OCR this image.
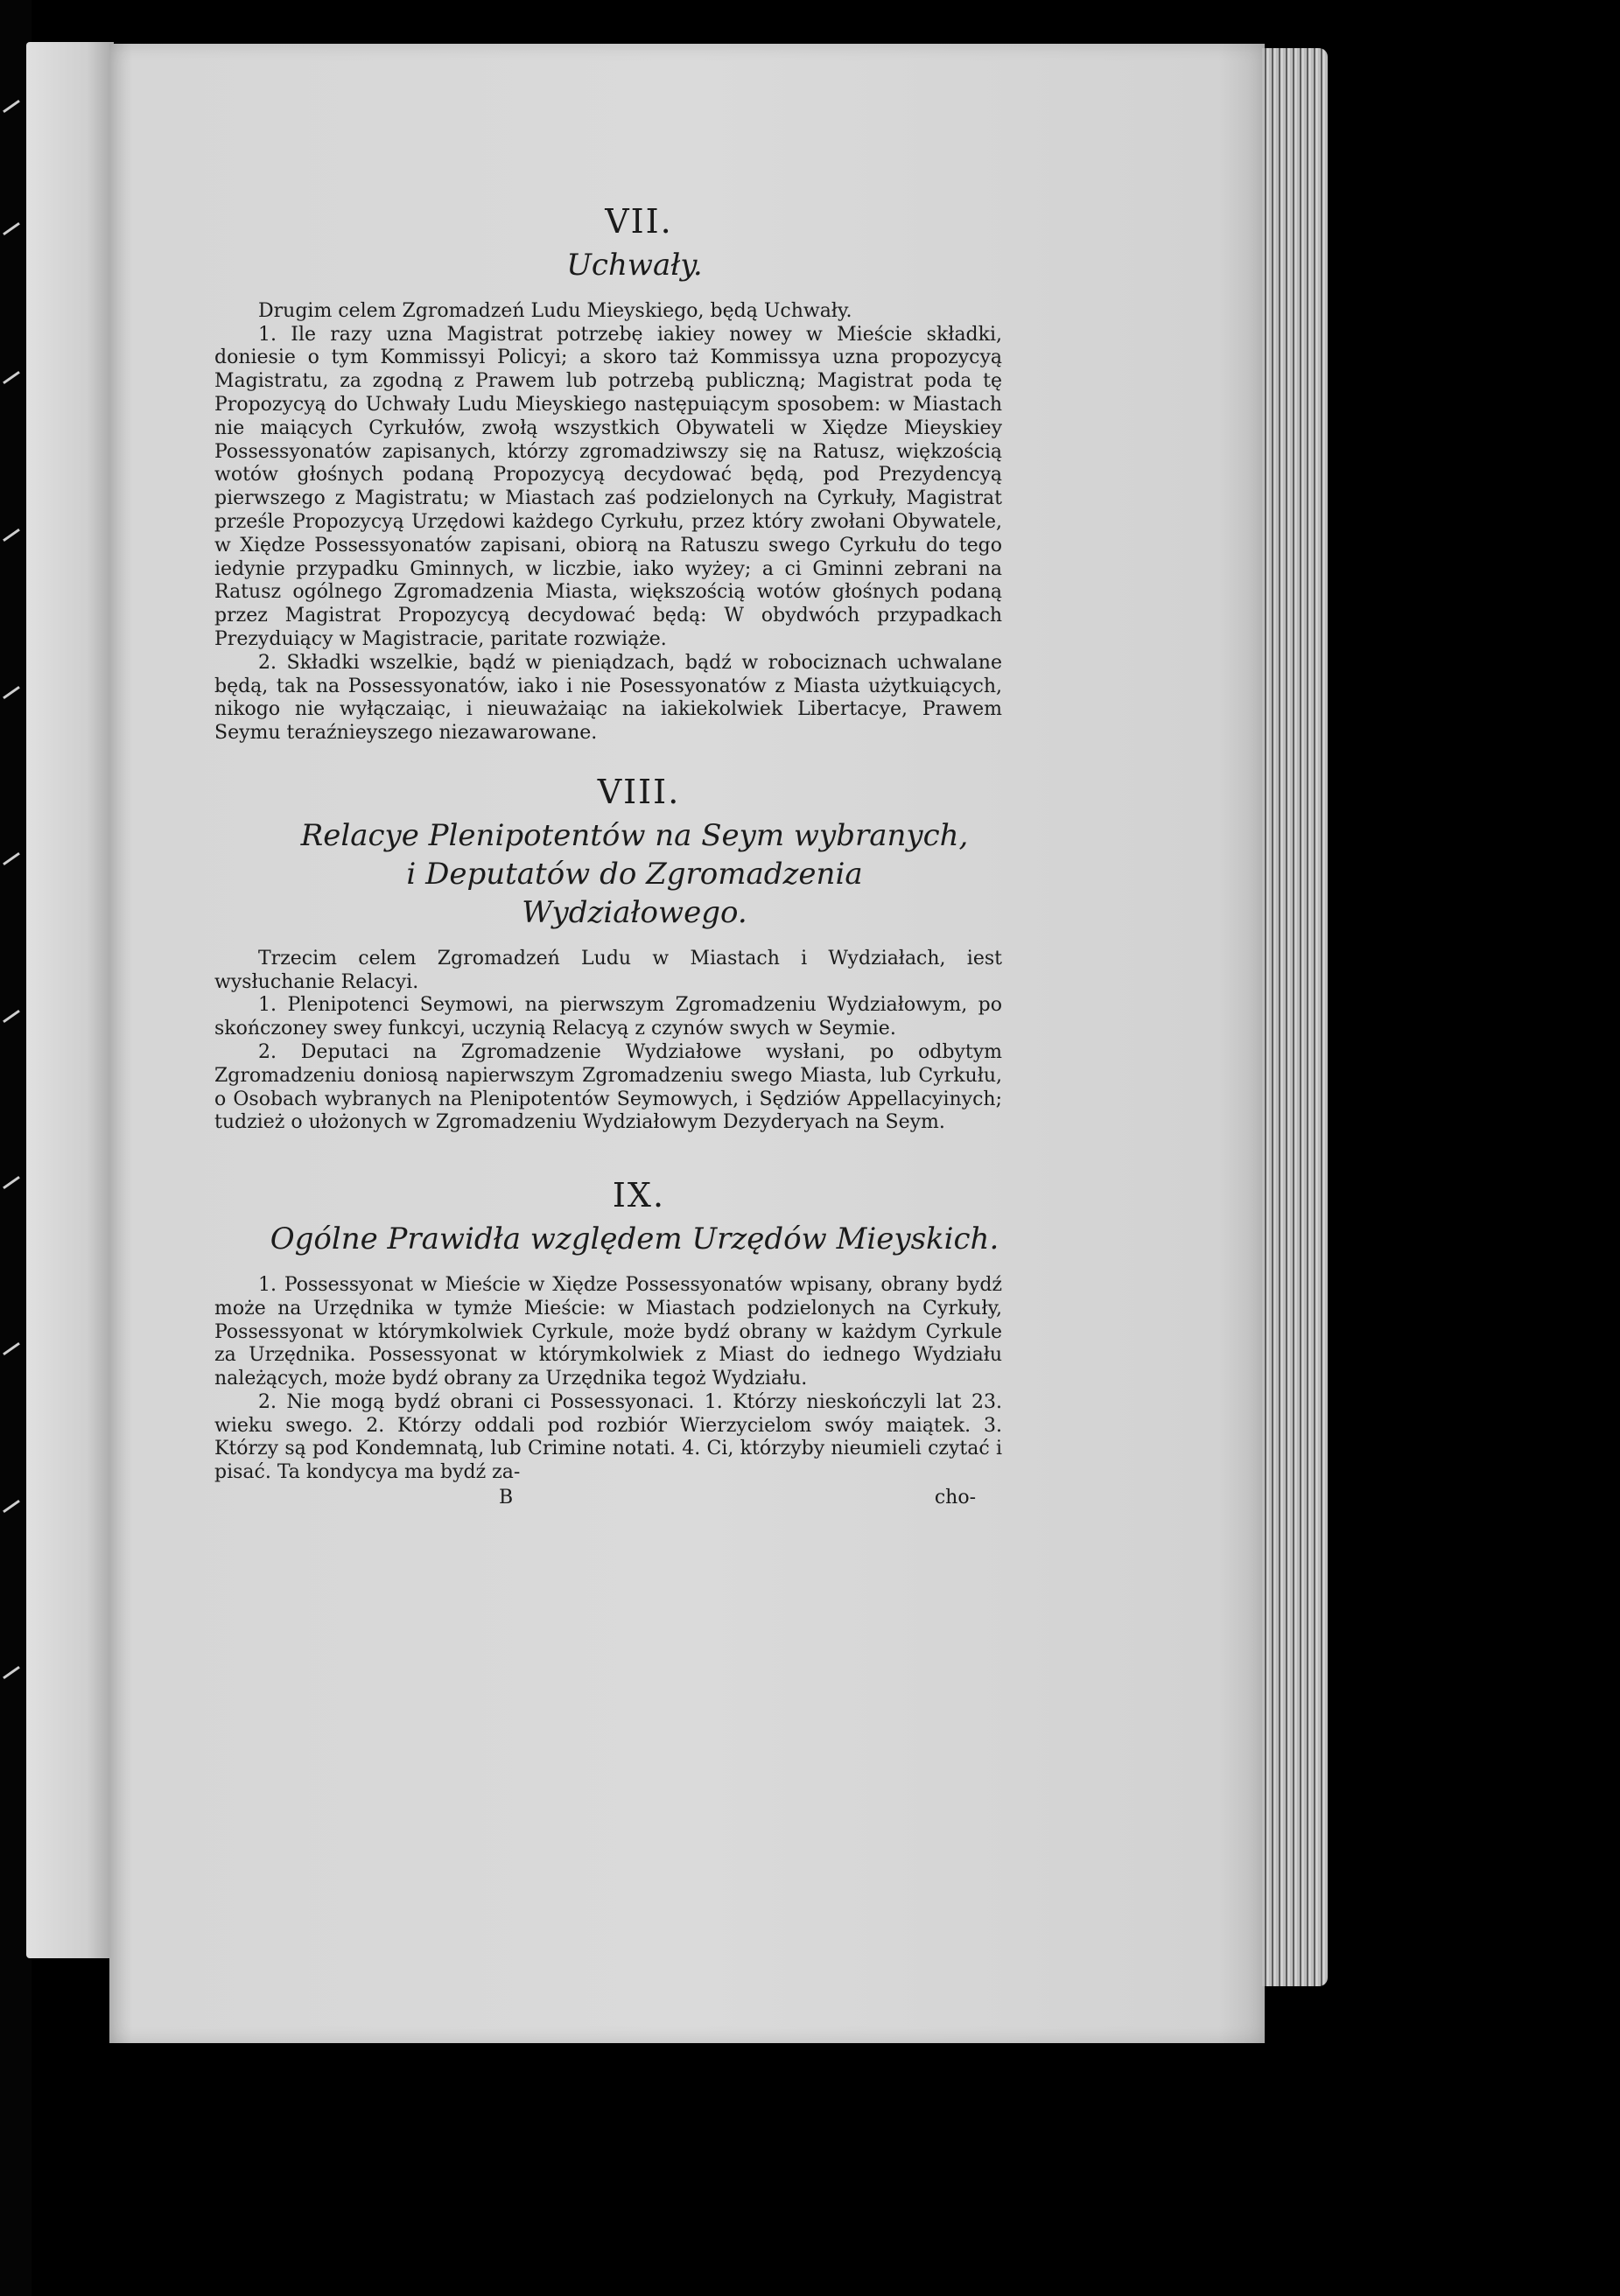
VII.
Uchwały.

Drugim celem Zgromadzeń Ludu Mieyskiego, będą Uchwały.

1. Ile razy uzna Magistrat potrzebę iakiey nowey w Mieście składki, doniesie o tym Kommissyi Policyi; a skoro taż Kommissya uzna propozycyą Magistratu, za zgodną z Prawem lub potrzebą publiczną; Magistrat poda tę Propozycyą do Uchwały Ludu Mieyskiego następuiącym sposobem: w Miastach nie maiących Cyrkułów, zwołą wszystkich Obywateli w Xiędze Mieyskiey Possessyonatów zapisanych, którzy zgromadziwszy się na Ratusz, więkzością wotów głośnych podaną Propozycyą decydować będą, pod Prezydencyą pierwszego z Magistratu; w Miastach zaś podzielonych na Cyrkuły, Magistrat prześle Propozycyą Urzędowi każdego Cyrkułu, przez który zwołani Obywatele, w Xiędze Possessyonatów zapisani, obiorą na Ratuszu swego Cyrkułu do tego iedynie przypadku Gminnych, w liczbie, iako wyżey; a ci Gminni zebrani na Ratusz ogólnego Zgromadzenia Miasta, większością wotów głośnych podaną przez Magistrat Propozycyą decydować będą: W obydwóch przypadkach Prezyduiący w Magistracie, paritate rozwiąże.

2. Składki wszelkie, bądź w pieniądzach, bądź w robociznach uchwalane będą, tak na Possessyonatów, iako i nie Posessyonatów z Miasta użytkuiących, nikogo nie wyłączaiąc, i nieuważaiąc na iakiekolwiek Libertacye, Prawem Seymu teraźnieyszego niezawarowane.

VIII.
Relacye Plenipotentów na Seym wybranych, i Deputatów do Zgromadzenia Wydziałowego.

Trzecim celem Zgromadzeń Ludu w Miastach i Wydziałach, iest wysłuchanie Relacyi.

1. Plenipotenci Seymowi, na pierwszym Zgromadzeniu Wydziałowym, po skończoney swey funkcyi, uczynią Relacyą z czynów swych w Seymie.

2. Deputaci na Zgromadzenie Wydziałowe wysłani, po odbytym Zgromadzeniu doniosą napierwszym Zgromadzeniu swego Miasta, lub Cyrkułu, o Osobach wybranych na Plenipotentów Seymowych, i Sędziów Appellacyinych; tudzież o ułożonych w Zgromadzeniu Wydziałowym Dezyderyach na Seym.

IX.
Ogólne Prawidła względem Urzędów Mieyskich.

1. Possessyonat w Mieście w Xiędze Possessyonatów wpisany, obrany bydź może na Urzędnika w tymże Mieście: w Miastach podzielonych na Cyrkuły, Possessyonat w którymkolwiek Cyrkule, może bydź obrany w każdym Cyrkule za Urzędnika. Possessyonat w którymkolwiek z Miast do iednego Wydziału należących, może bydź obrany za Urzędnika tegoż Wydziału.

2. Nie mogą bydź obrani ci Possessyonaci. 1. Którzy nieskończyli lat 23. wieku swego. 2. Którzy oddali pod rozbiór Wierzycielom swóy maiątek. 3. Którzy są pod Kondemnatą, lub Crimine notati. 4. Ci, którzyby nieumieli czytać i pisać. Ta kondycya ma bydź za-

B	cho-
